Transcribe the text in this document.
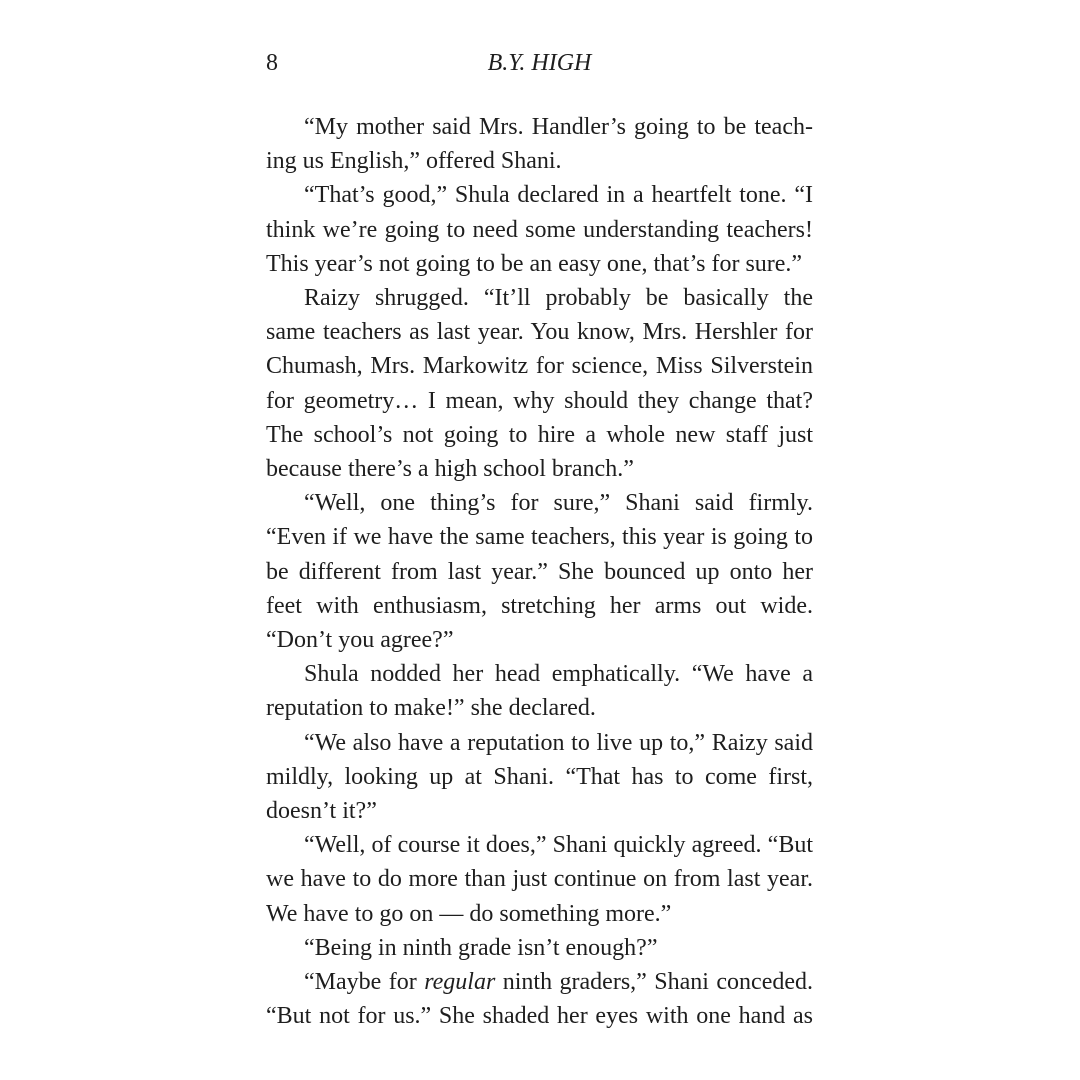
8	B.Y. HIGH

“My mother said Mrs. Handler’s going to be teaching us English,” offered Shani.

“That’s good,” Shula declared in a heartfelt tone. “I think we’re going to need some understanding teachers! This year’s not going to be an easy one, that’s for sure.”

Raizy shrugged. “It’ll probably be basically the same teachers as last year. You know, Mrs. Hershler for Chumash, Mrs. Markowitz for science, Miss Silverstein for geometry… I mean, why should they change that? The school’s not going to hire a whole new staff just because there’s a high school branch.”

“Well, one thing’s for sure,” Shani said firmly. “Even if we have the same teachers, this year is going to be different from last year.” She bounced up onto her feet with enthusiasm, stretching her arms out wide. “Don’t you agree?”

Shula nodded her head emphatically. “We have a reputation to make!” she declared.

“We also have a reputation to live up to,” Raizy said mildly, looking up at Shani. “That has to come first, doesn’t it?”

“Well, of course it does,” Shani quickly agreed. “But we have to do more than just continue on from last year. We have to go on — do something more.”

“Being in ninth grade isn’t enough?”

“Maybe for regular ninth graders,” Shani conceded. “But not for us.” She shaded her eyes with one hand as
